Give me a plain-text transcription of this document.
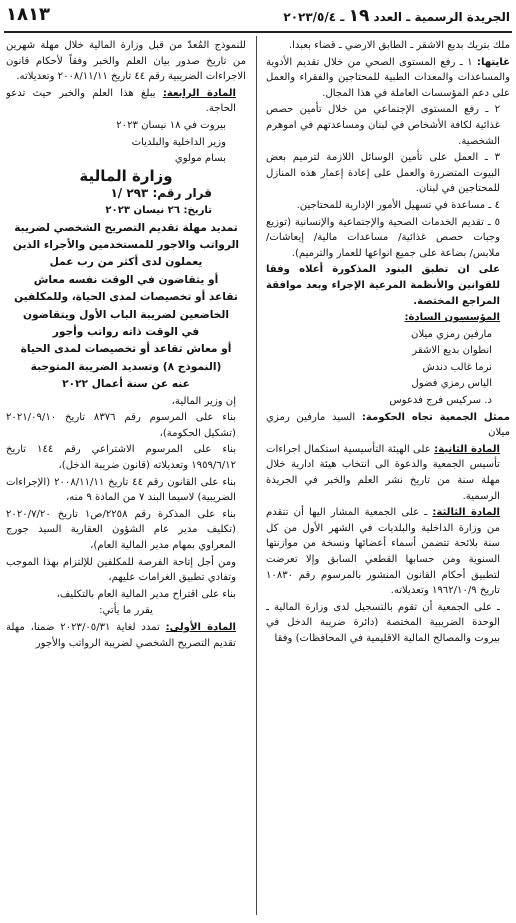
١٨١٣	الجريدة الرسمية ـ العدد ١٩ ـ ٢٠٢٣/٥/٤

ملك بتريك بديع الاشقر ـ الطابق الارضي ـ قضاء بعبدا.

غايتها: ١ ـ رفع المستوى الصحي من خلال تقديم الأدوية والمساعدات والمعدات الطبية للمحتاجين والفقراء والعمل على دعم المؤسسات العاملة في هذا المجال.

٢ ـ رفع المستوى الإجتماعي من خلال تأمين حصص غذائية لكافة الأشخاص في لبنان ومساعدتهم في اموهرم الشخصية.

٣ ـ العمل على تأمين الوسائل اللازمة لترميم بعض البيوت المتضررة والعمل على إعادة إعمار هذه المنازل للمحتاجين في لبنان.

٤ ـ مساعدة في تسهيل الأمور الإدارية للمحتاجين.

٥ ـ تقديم الخدمات الصحية والإجتماعية والإنسانية (توزيع وجبات حصص غذائية/ مساعدات مالية/ إيعاشات/ ملابس/ بضاعة على جميع انواعها للعمار والترميم).

على ان تطبق البنود المذكورة أعلاه وفقا للقوانين والأنظمة المرعية الإجراء وبعد موافقة المراجع المختصة.

المؤسسون السادة:

مارفين رمزي ميلان

انطوان بديع الاشقر

نرما غالب دندش

الياس رمزي فضول

د. سركيس فرج فدعوس

ممثل الجمعية تجاه الحكومة: السيد مارفين رمزي ميلان

المادة الثانية: على الهيئة التأسيسية استكمال اجراءات تأسيس الجمعية والدعوة الى انتخاب هيئة ادارية خلال مهلة سنة من تاريخ نشر العلم والخبر في الجريدة الرسمية.

المادة الثالثة: ـ على الجمعية المشار اليها أن تتقدم من وزارة الداخلية والبلديات في الشهر الأول من كل سنة بلائحة تتضمن أسماء أعضائها ونسخة من موازنتها السنوية ومن حسابها القطعي السابق وإلا تعرضت لتطبيق أحكام القانون المنشور بالمرسوم رقم ١٠٨٣٠ تاريخ ١٩٦٢/١٠/٩ وتعديلاته.

ـ على الجمعية أن تقوم بالتسجيل لدى وزارة المالية ـ الوحدة الضريبية المختصة (دائرة ضريبة الدخل في بيروت والمصالح المالية الاقليمية في المحافظات) وفقا

للنموذج المُعدّ من قبل وزارة المالية خلال مهلة شهرين من تاريخ صدور بيان العلم والخبر وفقاً لأحكام قانون الاجراءات الضريبية رقم ٤٤ تاريخ ٢٠٠٨/١١/١١ وتعديلاته.

المادة الرابعة: يبلغ هذا العلم والخبر حيث تدعو الحاجة.

بيروت في ١٨ نيسان ٢٠٢٣

وزير الداخلية والبلديات

بسام مولوي

وزارة المالية

قرار رقم: ٢٩٣ /١

تاريخ: ٢٦ نيسان ٢٠٢٣

تمديد مهلة تقديم التصريح الشخصي لضريبة

الرواتب والاجور للمستخدمين والأجراء الذين

يعملون لدى أكثر من رب عمل

أو يتقاضون في الوقت نفسه معاش

تقاعد أو تخصيصات لمدى الحياة، وللمكلفين

الخاضعين لضريبة الباب الأول ويتقاضون

في الوقت ذاته رواتب وأجور

أو معاش تقاعد أو تخصيصات لمدى الحياة

(النموذج ٨) وتسديد الضريبة المتوجبة

عنه عن سنة أعمال ٢٠٢٢

إن وزير المالية،

بناء على المرسوم رقم ٨٣٧٦ تاريخ ٢٠٢١/٠٩/١٠ (تشكيل الحكومة)،

بناء على المرسوم الاشتراعي رقم ١٤٤ تاريخ ١٩٥٩/٦/١٢ وتعديلاته (قانون ضريبة الدخل)،

بناء على القانون رقم ٤٤ تاريخ ٢٠٠٨/١١/١١ (الإجراءات الضريبية) لاسيما البند ٧ من المادة ٩ منه،

بناء على المذكرة رقم ٢٢٥٨/ص١ تاريخ ٢٠٢٠/٧/٢٠ (تكليف مدير عام الشؤون العقارية السيد جورج المعراوي بمهام مدير المالية العام)،

ومن أجل إتاحة الفرصة للمكلفين للإلتزام بهذا الموجب وتفادي تطبيق الغرامات عليهم،

بناء على اقتراح مدير المالية العام بالتكليف،

يقرر ما يأتي:

المادة الأولى: تمدد لغاية ٢٠٢٣/٠٥/٣١ ضمنا، مهلة تقديم التصريح الشخصي لضريبة الرواتب والأجور
